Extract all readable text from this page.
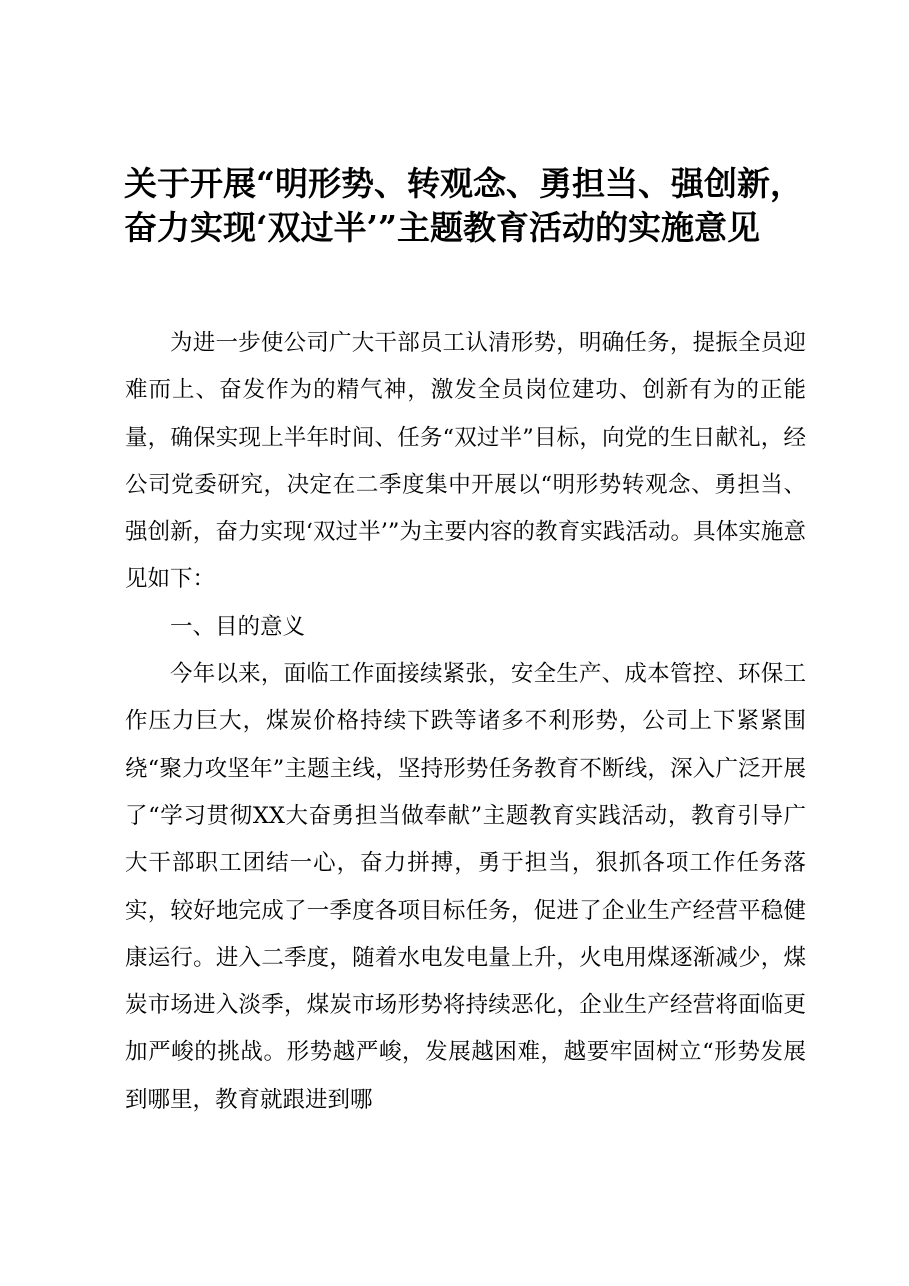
关于开展“明形势、转观念、勇担当、强创新，
奋力实现‘双过半’”主题教育活动的实施意见

为进一步使公司广大干部员工认清形势，明确任务，提振全员迎难而上、奋发作为的精气神，激发全员岗位建功、创新有为的正能量，确保实现上半年时间、任务“双过半”目标，向党的生日献礼，经公司党委研究，决定在二季度集中开展以“明形势转观念、勇担当、强创新，奋力实现‘双过半’”为主要内容的教育实践活动。具体实施意见如下：

一、目的意义

今年以来，面临工作面接续紧张，安全生产、成本管控、环保工作压力巨大，煤炭价格持续下跌等诸多不利形势，公司上下紧紧围绕“聚力攻坚年”主题主线，坚持形势任务教育不断线，深入广泛开展了“学习贯彻XX大奋勇担当做奉献”主题教育实践活动，教育引导广大干部职工团结一心，奋力拼搏，勇于担当，狠抓各项工作任务落实，较好地完成了一季度各项目标任务，促进了企业生产经营平稳健康运行。进入二季度，随着水电发电量上升，火电用煤逐渐减少，煤炭市场进入淡季，煤炭市场形势将持续恶化，企业生产经营将面临更加严峻的挑战。形势越严峻，发展越困难，越要牢固树立“形势发展到哪里，教育就跟进到哪
